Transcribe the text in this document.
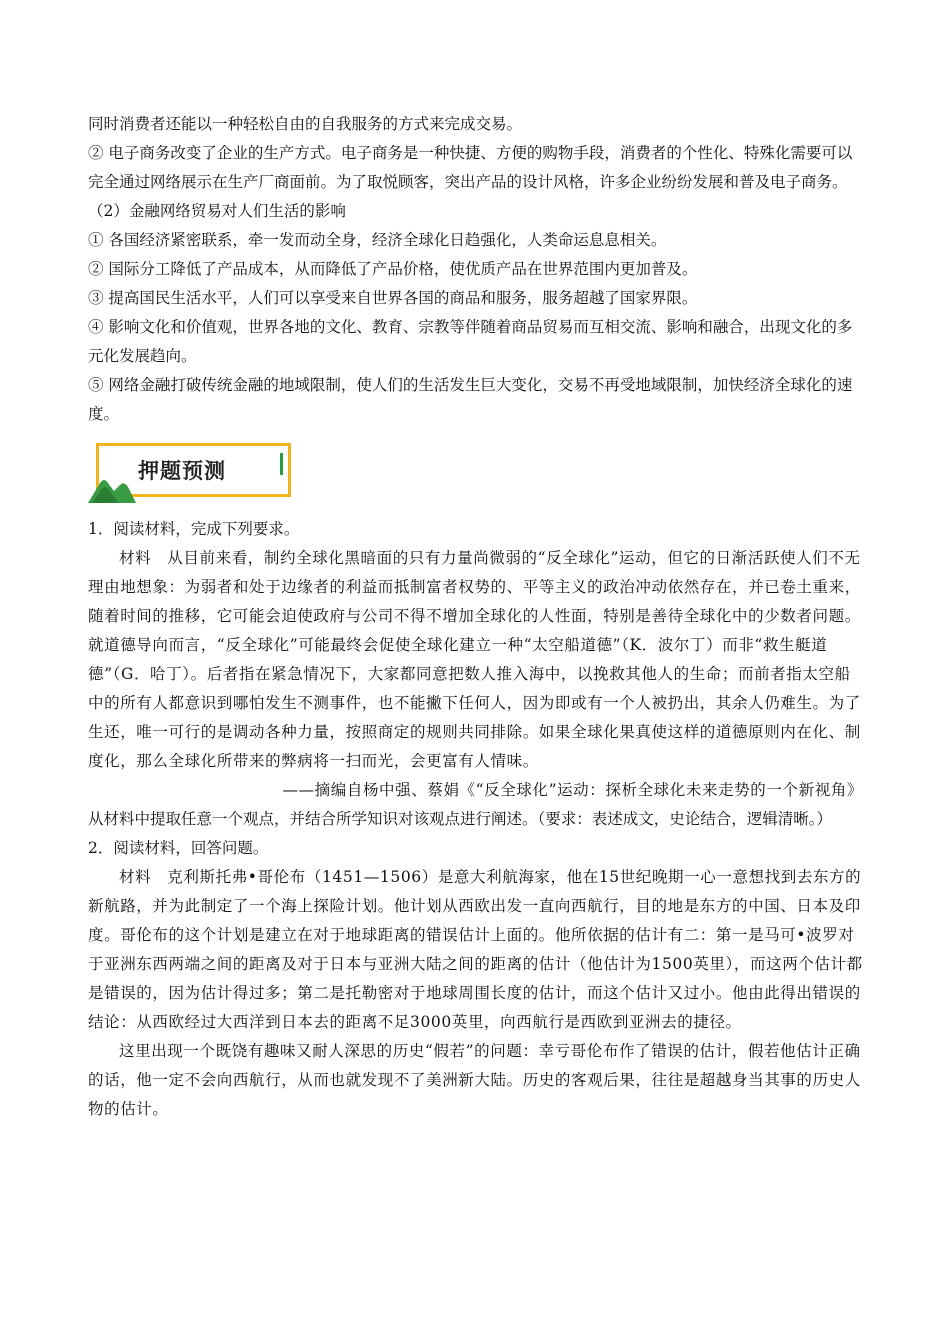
同时消费者还能以一种轻松自由的自我服务的方式来完成交易。

② 电子商务改变了企业的生产方式。电子商务是一种快捷、方便的购物手段，消费者的个性化、特殊化需要可以完全通过网络展示在生产厂商面前。为了取悦顾客，突出产品的设计风格，许多企业纷纷发展和普及电子商务。

（2）金融网络贸易对人们生活的影响

① 各国经济紧密联系，牵一发而动全身，经济全球化日趋强化，人类命运息息相关。

② 国际分工降低了产品成本，从而降低了产品价格，使优质产品在世界范围内更加普及。

③ 提高国民生活水平，人们可以享受来自世界各国的商品和服务，服务超越了国家界限。

④ 影响文化和价值观，世界各地的文化、教育、宗教等伴随着商品贸易而互相交流、影响和融合，出现文化的多元化发展趋向。

⑤ 网络金融打破传统金融的地域限制，使人们的生活发生巨大变化，交易不再受地域限制，加快经济全球化的速度。

押题预测

1．阅读材料，完成下列要求。

材料　从目前来看，制约全球化黑暗面的只有力量尚微弱的“反全球化”运动，但它的日渐活跃使人们不无理由地想象：为弱者和处于边缘者的利益而抵制富者权势的、平等主义的政治冲动依然存在，并已卷土重来，随着时间的推移，它可能会迫使政府与公司不得不增加全球化的人性面，特别是善待全球化中的少数者问题。就道德导向而言，“反全球化”可能最终会促使全球化建立一种“太空船道德”（K．波尔丁）而非“救生艇道德”（G．哈丁）。后者指在紧急情况下，大家都同意把数人推入海中，以挽救其他人的生命；而前者指太空船中的所有人都意识到哪怕发生不测事件，也不能撇下任何人，因为即或有一个人被扔出，其余人仍难生。为了生还，唯一可行的是调动各种力量，按照商定的规则共同排除。如果全球化果真使这样的道德原则内在化、制度化，那么全球化所带来的弊病将一扫而光，会更富有人情味。

——摘编自杨中强、蔡娟《“反全球化”运动：探析全球化未来走势的一个新视角》

从材料中提取任意一个观点，并结合所学知识对该观点进行阐述。（要求：表述成文，史论结合，逻辑清晰。）

2．阅读材料，回答问题。

材料　克利斯托弗•哥伦布（1451—1506）是意大利航海家，他在15世纪晚期一心一意想找到去东方的新航路，并为此制定了一个海上探险计划。他计划从西欧出发一直向西航行，目的地是东方的中国、日本及印度。哥伦布的这个计划是建立在对于地球距离的错误估计上面的。他所依据的估计有二：第一是马可•波罗对于亚洲东西两端之间的距离及对于日本与亚洲大陆之间的距离的估计（他估计为1500英里），而这两个估计都是错误的，因为估计得过多；第二是托勒密对于地球周围长度的估计，而这个估计又过小。他由此得出错误的结论：从西欧经过大西洋到日本去的距离不足3000英里，向西航行是西欧到亚洲去的捷径。

这里出现一个既饶有趣味又耐人深思的历史“假若”的问题：幸亏哥伦布作了错误的估计，假若他估计正确的话，他一定不会向西航行，从而也就发现不了美洲新大陆。历史的客观后果，往往是超越身当其事的历史人物的估计。
